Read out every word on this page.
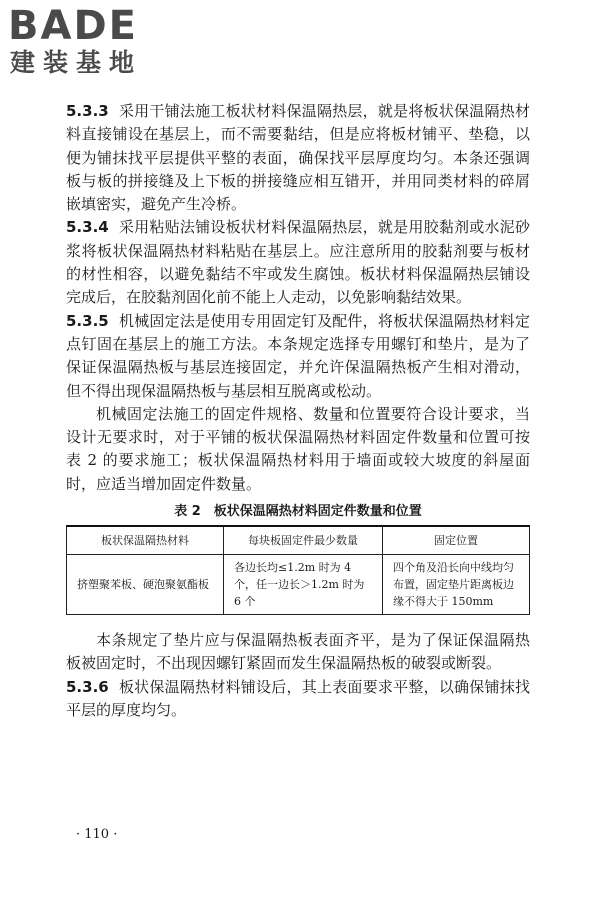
BADE
建装基地

5.3.3 采用干铺法施工板状材料保温隔热层，就是将板状保温隔热材料直接铺设在基层上，而不需要黏结，但是应将板材铺平、垫稳，以便为铺抹找平层提供平整的表面，确保找平层厚度均匀。本条还强调板与板的拼接缝及上下板的拼接缝应相互错开，并用同类材料的碎屑嵌填密实，避免产生冷桥。

5.3.4 采用粘贴法铺设板状材料保温隔热层，就是用胶黏剂或水泥砂浆将板状保温隔热材料粘贴在基层上。应注意所用的胶黏剂要与板材的材性相容，以避免黏结不牢或发生腐蚀。板状材料保温隔热层铺设完成后，在胶黏剂固化前不能上人走动，以免影响黏结效果。

5.3.5 机械固定法是使用专用固定钉及配件，将板状保温隔热材料定点钉固在基层上的施工方法。本条规定选择专用螺钉和垫片，是为了保证保温隔热板与基层连接固定，并允许保温隔热板产生相对滑动，但不得出现保温隔热板与基层相互脱离或松动。

机械固定法施工的固定件规格、数量和位置要符合设计要求，当设计无要求时，对于平铺的板状保温隔热材料固定件数量和位置可按表 2 的要求施工；板状保温隔热材料用于墙面或较大坡度的斜屋面时，应适当增加固定件数量。

表 2　板状保温隔热材料固定件数量和位置
板状保温隔热材料	每块板固定件最少数量	固定位置
挤塑聚苯板、硬泡聚氨酯板	各边长均≤1.2m 时为 4 个，任一边长＞1.2m 时为 6 个	四个角及沿长向中线均匀布置，固定垫片距离板边缘不得大于 150mm

本条规定了垫片应与保温隔热板表面齐平，是为了保证保温隔热板被固定时，不出现因螺钉紧固而发生保温隔热板的破裂或断裂。

5.3.6 板状保温隔热材料铺设后，其上表面要求平整，以确保铺抹找平层的厚度均匀。

· 110 ·
